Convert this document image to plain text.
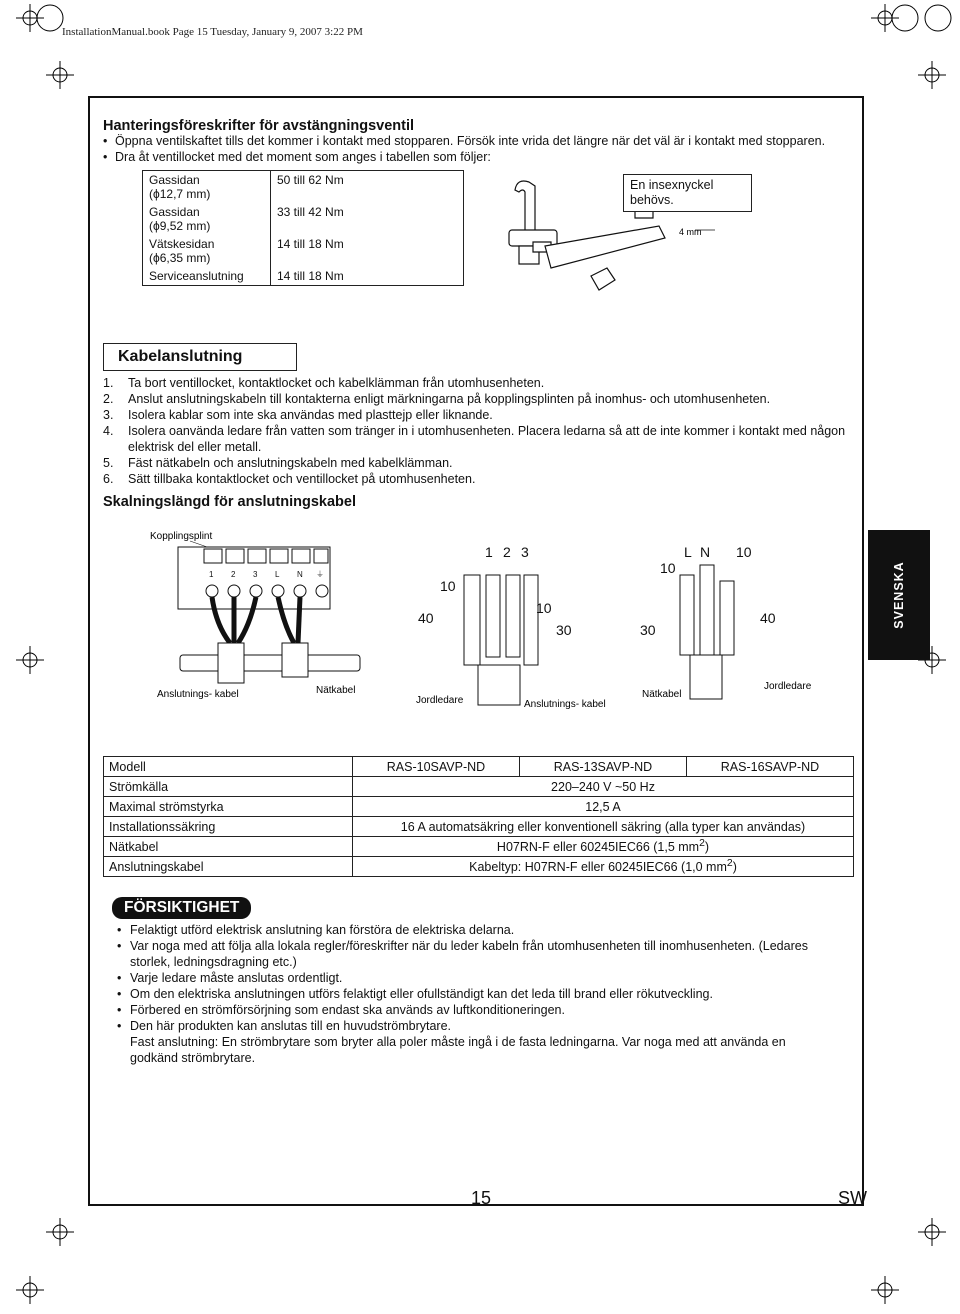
InstallationManual.book Page 15 Tuesday, January 9, 2007 3:22 PM
Hanteringsföreskrifter för avstängningsventil
• Öppna ventilskaftet tills det kommer i kontakt med stopparen. Försök inte vrida det längre när det väl är i kontakt med stopparen.
• Dra åt ventillocket med det moment som anges i tabellen som följer:
Gassidan
(ϕ12,7 mm)	50 till 62 Nm
Gassidan
(ϕ9,52 mm)	33 till 42 Nm
Vätskesidan
(ϕ6,35 mm)	14 till 18 Nm
Serviceanslutning	14 till 18 Nm
4 mm
En insexnyckel
behövs.
Kabelanslutning
1. Ta bort ventillocket, kontaktlocket och kabelklämman från utomhusenheten.
2. Anslut anslutningskabeln till kontakterna enligt märkningarna på kopplingsplinten på inomhus- och utomhusenheten.
3. Isolera kablar som inte ska användas med plasttejp eller liknande.
4. Isolera oanvända ledare från vatten som tränger in i utomhusenheten. Placera ledarna så att de inte kommer i kontakt med någon elektrisk del eller metall.
5. Fäst nätkabeln och anslutningskabeln med kabelklämman.
6. Sätt tillbaka kontaktlocket och ventillocket på utomhusenheten.
Skalningslängd för anslutningskabel
Kopplingsplint
1 2 3 L N ⏚
Anslutnings- kabel	Nätkabel
1 2 3
10
40
10
30
Jordledare	Anslutnings- kabel
L N 10
10
30
40
Nätkabel
Jordledare
SVENSKA
Modell	RAS-10SAVP-ND	RAS-13SAVP-ND	RAS-16SAVP-ND
Strömkälla	220–240 V ~50 Hz		
Maximal strömstyrka	12,5 A		
Installationssäkring	16 A automatsäkring eller konventionell säkring (alla typer kan användas)		
Nätkabel	H07RN-F eller 60245IEC66 (1,5 $mm^2$)		
Anslutningskabel	Kabeltyp: H07RN-F eller 60245IEC66 (1,0 $mm^2$)		
FÖRSIKTIGHET
• Felaktigt utförd elektrisk anslutning kan förstöra de elektriska delarna.
• Var noga med att följa alla lokala regler/föreskrifter när du leder kabeln från utomhusenheten till inomhusenheten. (Ledares storlek, ledningsdragning etc.)
• Varje ledare måste anslutas ordentligt.
• Om den elektriska anslutningen utförs felaktigt eller ofullständigt kan det leda till brand eller rökutveckling.
• Förbered en strömförsörjning som endast ska används av luftkonditioneringen.
• Den här produkten kan anslutas till en huvudströmbrytare.
Fast anslutning: En strömbrytare som bryter alla poler måste ingå i de fasta ledningarna. Var noga med att använda en godkänd strömbrytare.
15	SW
